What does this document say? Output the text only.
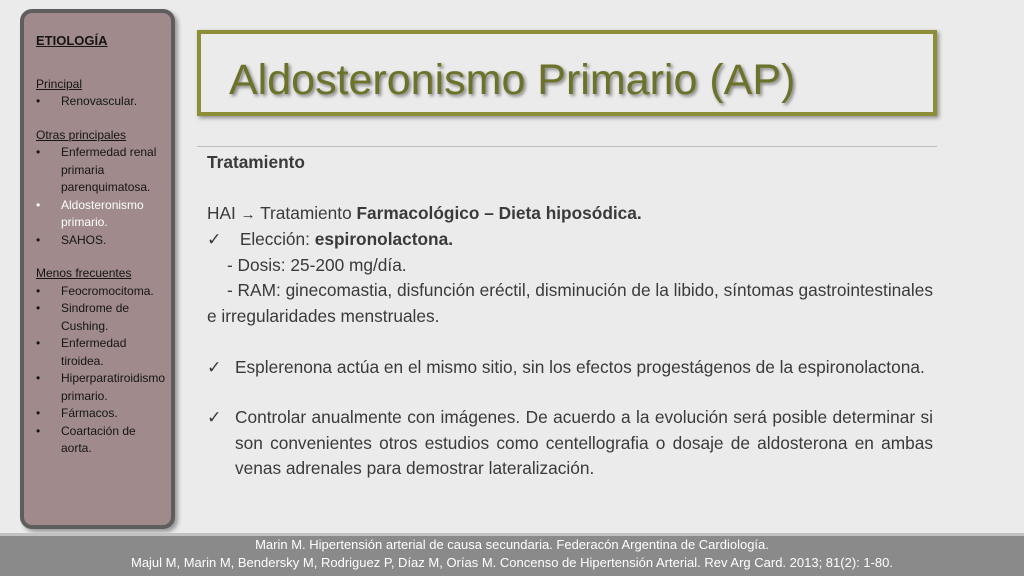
ETIOLOGÍA
Principal
• Renovascular.
Otras principales
• Enfermedad renal primaria parenquimatosa.
• Aldosteronismo primario.
• SAHOS.
Menos frecuentes
• Feocromocitoma.
• Sindrome de Cushing.
• Enfermedad tiroidea.
• Hiperparatiroidismo primario.
• Fármacos.
• Coartación de aorta.
Aldosteronismo Primario (AP)

Tratamiento

HAI → Tratamiento Farmacológico – Dieta hiposódica.

✓ Elección: espironolactona.

- Dosis: 25-200 mg/día.

- RAM: ginecomastia, disfunción eréctil, disminución de la libido, síntomas gastrointestinales e irregularidades menstruales.

✓ Esplerenona actúa en el mismo sitio, sin los efectos progestágenos de la espironolactona.
✓ Controlar anualmente con imágenes. De acuerdo a la evolución será posible determinar si son convenientes otros estudios como centellografia o dosaje de aldosterona en ambas venas adrenales para demostrar lateralización.
Marin M. Hipertensión arterial de causa secundaria. Federacón Argentina de Cardiología.
Majul M, Marin M, Bendersky M, Rodriguez P, Díaz M, Orías M. Concenso de Hipertensión Arterial. Rev Arg Card. 2013; 81(2): 1-80.
